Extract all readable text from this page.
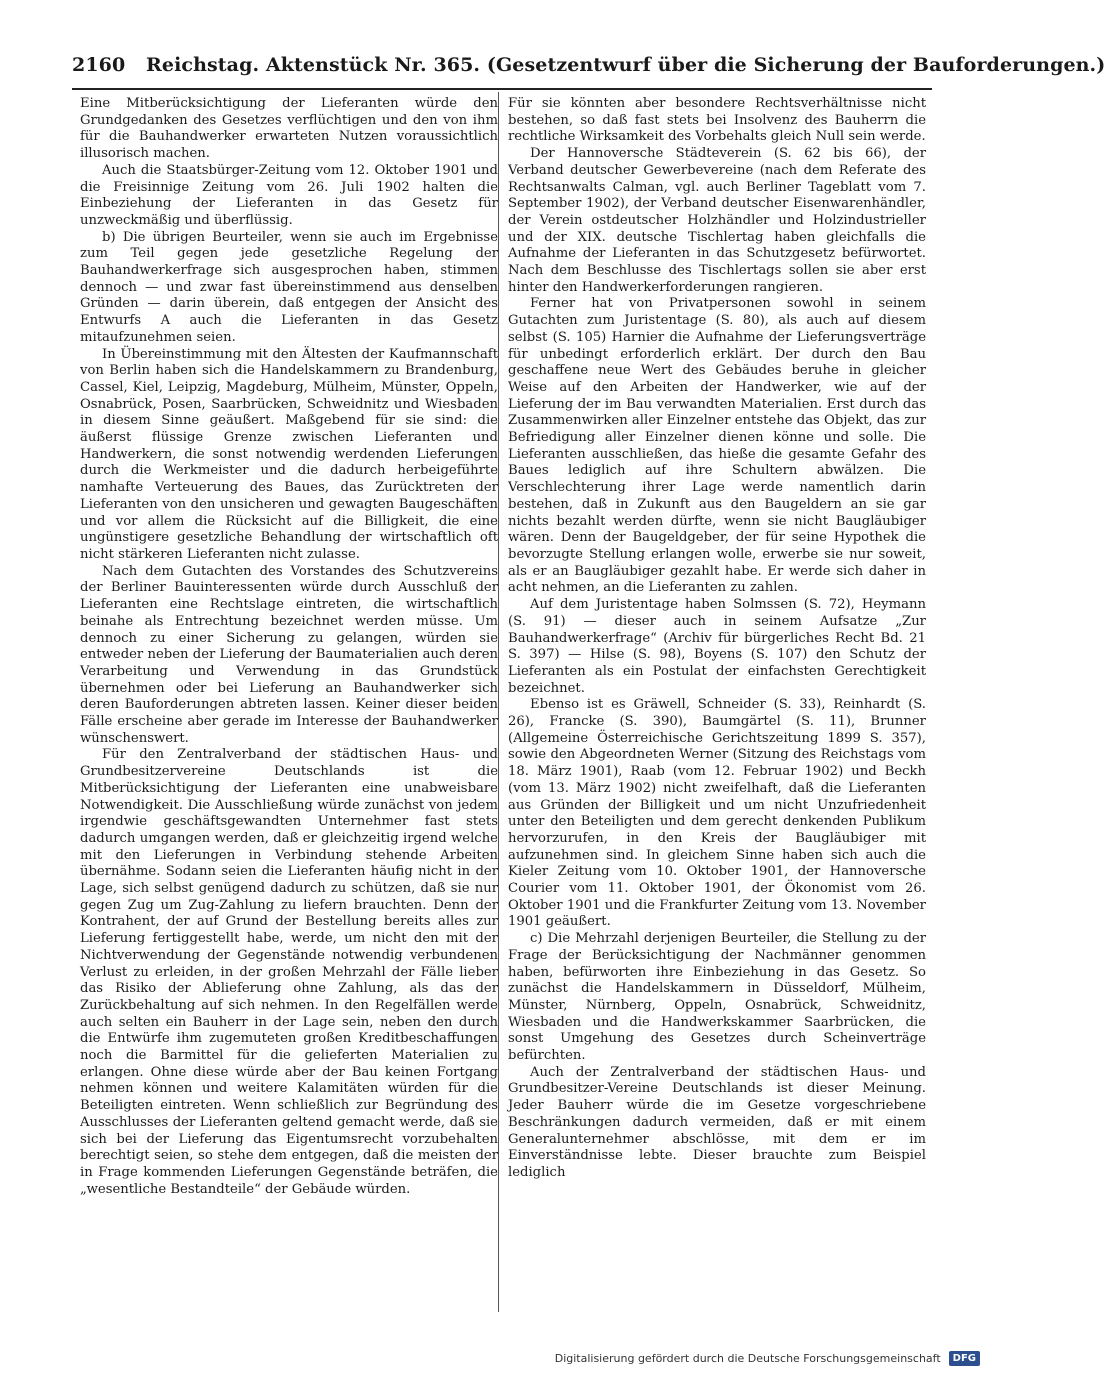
2160 Reichstag. Aktenstück Nr. 365. (Gesetzentwurf über die Sicherung der Bauforderungen.)

Eine Mitberücksichtigung der Lieferanten würde den Grundgedanken des Gesetzes verflüchtigen und den von ihm für die Bauhandwerker erwarteten Nutzen voraussichtlich illusorisch machen.

Auch die Staatsbürger-Zeitung vom 12. Oktober 1901 und die Freisinnige Zeitung vom 26. Juli 1902 halten die Einbeziehung der Lieferanten in das Gesetz für unzweckmäßig und überflüssig.

b) Die übrigen Beurteiler, wenn sie auch im Ergebnisse zum Teil gegen jede gesetzliche Regelung der Bauhandwerkerfrage sich ausgesprochen haben, stimmen dennoch — und zwar fast übereinstimmend aus denselben Gründen — darin überein, daß entgegen der Ansicht des Entwurfs A auch die Lieferanten in das Gesetz mitaufzunehmen seien.

In Übereinstimmung mit den Ältesten der Kaufmannschaft von Berlin haben sich die Handelskammern zu Brandenburg, Cassel, Kiel, Leipzig, Magdeburg, Mülheim, Münster, Oppeln, Osnabrück, Posen, Saarbrücken, Schweidnitz und Wiesbaden in diesem Sinne geäußert. Maßgebend für sie sind: die äußerst flüssige Grenze zwischen Lieferanten und Handwerkern, die sonst notwendig werdenden Lieferungen durch die Werkmeister und die dadurch herbeigeführte namhafte Verteuerung des Baues, das Zurücktreten der Lieferanten von den unsicheren und gewagten Baugeschäften und vor allem die Rücksicht auf die Billigkeit, die eine ungünstigere gesetzliche Behandlung der wirtschaftlich oft nicht stärkeren Lieferanten nicht zulasse.

Nach dem Gutachten des Vorstandes des Schutzvereins der Berliner Bauinteressenten würde durch Ausschluß der Lieferanten eine Rechtslage eintreten, die wirtschaftlich beinahe als Entrechtung bezeichnet werden müsse. Um dennoch zu einer Sicherung zu gelangen, würden sie entweder neben der Lieferung der Baumaterialien auch deren Verarbeitung und Verwendung in das Grundstück übernehmen oder bei Lieferung an Bauhandwerker sich deren Bauforderungen abtreten lassen. Keiner dieser beiden Fälle erscheine aber gerade im Interesse der Bauhandwerker wünschenswert.

Für den Zentralverband der städtischen Haus- und Grundbesitzervereine Deutschlands ist die Mitberücksichtigung der Lieferanten eine unabweisbare Notwendigkeit. Die Ausschließung würde zunächst von jedem irgendwie geschäftsgewandten Unternehmer fast stets dadurch umgangen werden, daß er gleichzeitig irgend welche mit den Lieferungen in Verbindung stehende Arbeiten übernähme. Sodann seien die Lieferanten häufig nicht in der Lage, sich selbst genügend dadurch zu schützen, daß sie nur gegen Zug um Zug-Zahlung zu liefern brauchten. Denn der Kontrahent, der auf Grund der Bestellung bereits alles zur Lieferung fertiggestellt habe, werde, um nicht den mit der Nichtverwendung der Gegenstände notwendig verbundenen Verlust zu erleiden, in der großen Mehrzahl der Fälle lieber das Risiko der Ablieferung ohne Zahlung, als das der Zurückbehaltung auf sich nehmen. In den Regelfällen werde auch selten ein Bauherr in der Lage sein, neben den durch die Entwürfe ihm zugemuteten großen Kreditbeschaffungen noch die Barmittel für die gelieferten Materialien zu erlangen. Ohne diese würde aber der Bau keinen Fortgang nehmen können und weitere Kalamitäten würden für die Beteiligten eintreten. Wenn schließlich zur Begründung des Ausschlusses der Lieferanten geltend gemacht werde, daß sie sich bei der Lieferung das Eigentumsrecht vorzubehalten berechtigt seien, so stehe dem entgegen, daß die meisten der in Frage kommenden Lieferungen Gegenstände beträfen, die „wesentliche Bestandteile“ der Gebäude würden.

Für sie könnten aber besondere Rechtsverhältnisse nicht bestehen, so daß fast stets bei Insolvenz des Bauherrn die rechtliche Wirksamkeit des Vorbehalts gleich Null sein werde.

Der Hannoversche Städteverein (S. 62 bis 66), der Verband deutscher Gewerbevereine (nach dem Referate des Rechtsanwalts Calman, vgl. auch Berliner Tageblatt vom 7. September 1902), der Verband deutscher Eisenwarenhändler, der Verein ostdeutscher Holzhändler und Holzindustrieller und der XIX. deutsche Tischlertag haben gleichfalls die Aufnahme der Lieferanten in das Schutzgesetz befürwortet. Nach dem Beschlusse des Tischlertags sollen sie aber erst hinter den Handwerkerforderungen rangieren.

Ferner hat von Privatpersonen sowohl in seinem Gutachten zum Juristentage (S. 80), als auch auf diesem selbst (S. 105) Harnier die Aufnahme der Lieferungsverträge für unbedingt erforderlich erklärt. Der durch den Bau geschaffene neue Wert des Gebäudes beruhe in gleicher Weise auf den Arbeiten der Handwerker, wie auf der Lieferung der im Bau verwandten Materialien. Erst durch das Zusammenwirken aller Einzelner entstehe das Objekt, das zur Befriedigung aller Einzelner dienen könne und solle. Die Lieferanten ausschließen, das hieße die gesamte Gefahr des Baues lediglich auf ihre Schultern abwälzen. Die Verschlechterung ihrer Lage werde namentlich darin bestehen, daß in Zukunft aus den Baugeldern an sie gar nichts bezahlt werden dürfte, wenn sie nicht Baugläubiger wären. Denn der Baugeldgeber, der für seine Hypothek die bevorzugte Stellung erlangen wolle, erwerbe sie nur soweit, als er an Baugläubiger gezahlt habe. Er werde sich daher in acht nehmen, an die Lieferanten zu zahlen.

Auf dem Juristentage haben Solmssen (S. 72), Heymann (S. 91) — dieser auch in seinem Aufsatze „Zur Bauhandwerkerfrage“ (Archiv für bürgerliches Recht Bd. 21 S. 397) — Hilse (S. 98), Boyens (S. 107) den Schutz der Lieferanten als ein Postulat der einfachsten Gerechtigkeit bezeichnet.

Ebenso ist es Gräwell, Schneider (S. 33), Reinhardt (S. 26), Francke (S. 390), Baumgärtel (S. 11), Brunner (Allgemeine Österreichische Gerichtszeitung 1899 S. 357), sowie den Abgeordneten Werner (Sitzung des Reichstags vom 18. März 1901), Raab (vom 12. Februar 1902) und Beckh (vom 13. März 1902) nicht zweifelhaft, daß die Lieferanten aus Gründen der Billigkeit und um nicht Unzufriedenheit unter den Beteiligten und dem gerecht denkenden Publikum hervorzurufen, in den Kreis der Baugläubiger mit aufzunehmen sind. In gleichem Sinne haben sich auch die Kieler Zeitung vom 10. Oktober 1901, der Hannoversche Courier vom 11. Oktober 1901, der Ökonomist vom 26. Oktober 1901 und die Frankfurter Zeitung vom 13. November 1901 geäußert.

c) Die Mehrzahl derjenigen Beurteiler, die Stellung zu der Frage der Berücksichtigung der Nachmänner genommen haben, befürworten ihre Einbeziehung in das Gesetz. So zunächst die Handelskammern in Düsseldorf, Mülheim, Münster, Nürnberg, Oppeln, Osnabrück, Schweidnitz, Wiesbaden und die Handwerkskammer Saarbrücken, die sonst Umgehung des Gesetzes durch Scheinverträge befürchten.

Auch der Zentralverband der städtischen Haus- und Grundbesitzer-Vereine Deutschlands ist dieser Meinung. Jeder Bauherr würde die im Gesetze vorgeschriebene Beschränkungen dadurch vermeiden, daß er mit einem Generalunternehmer abschlösse, mit dem er im Einverständnisse lebte. Dieser brauchte zum Beispiel lediglich

Digitalisierung gefördert durch die Deutsche Forschungsgemeinschaft	DFG
